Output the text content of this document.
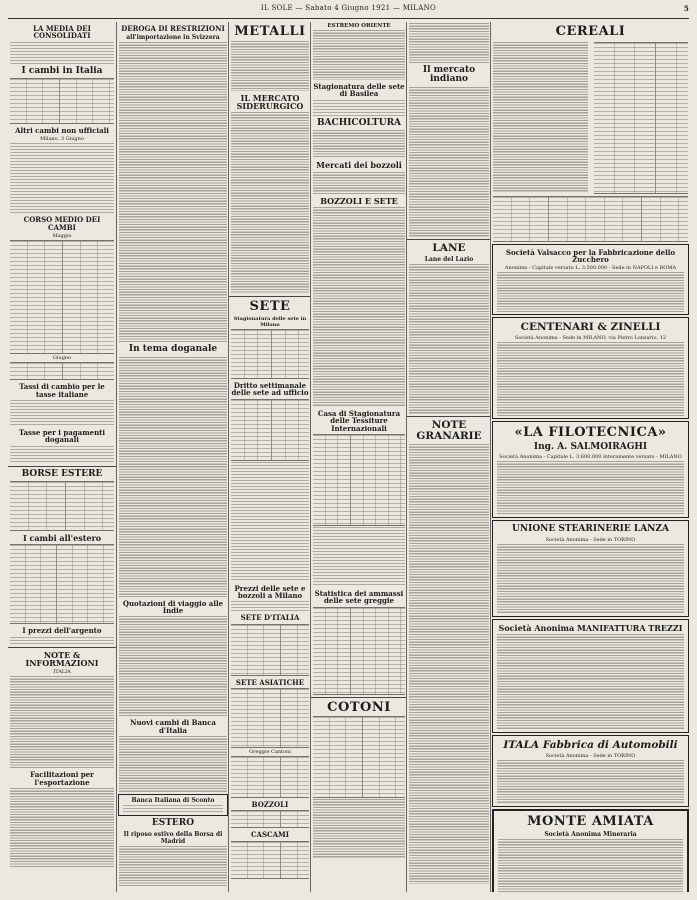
IL SOLE — Sabato 4 Giugno 1921 — MILANO	5
LA MEDIA DEI CONSOLIDATI
I cambi in Italia
Altri cambi non ufficiali
Milano, 3 Giugno
CORSO MEDIO DEI CAMBI
Maggio
Giugno
Tassi di cambio per le tasse italiane
Tasse per i pagamenti doganali
BORSE ESTERE
I cambi all'estero
I prezzi dell'argento
NOTE & INFORMAZIONI
ITALIA
Facilitazioni per l'esportazione
DEROGA DI RESTRIZIONI
all'importazione in Svizzera
In tema doganale
Quotazioni di viaggio alle Indie
Nuovi cambi di Banca d'Italia
Banca Italiana di Sconto
ESTERO
Il riposo estivo della Borsa di Madrid
METALLI
IL MERCATO SIDERURGICO
SETE
Stagionatura delle sete in Milano
Dritto settimanale delle sete ad ufficio
Prezzi delle sete e bozzoli a Milano
SETE D'ITALIA
SETE ASIATICHE
Greggie Cantoni
BOZZOLI
CASCAMI
ESTREMO ORIENTE
Stagionatura delle sete di Basilea
BACHICOLTURA
Mercati dei bozzoli
BOZZOLI E SETE
Casa di Stagionatura delle Tessiture Internazionali
Statistica dei ammassi delle sete greggie
COTONI
Il mercato indiano
LANE
Lane del Lazio
NOTE GRANARIE
CEREALI
Società Valsacco per la Fabbricazione dello Zucchero
Anonima - Capitale versato L. 3.500.000 - Sede in NAPOLI e ROMA
CENTENARI & ZINELLI
Società Anonima - Sede in MILANO, via Pietro Lonzario, 12
«LA FILOTECNICA»
Ing. A. SALMOIRAGHI
Società Anonima - Capitale L. 3.600.000 interamente versato - MILANO
UNIONE STEARINERIE LANZA
Società Anonima - Sede in TORINO
Società Anonima MANIFATTURA TREZZI
ITALA Fabbrica di Automobili
Società Anonima - Sede in TORINO
MONTE AMIATA
Società Anonima Mineraria
